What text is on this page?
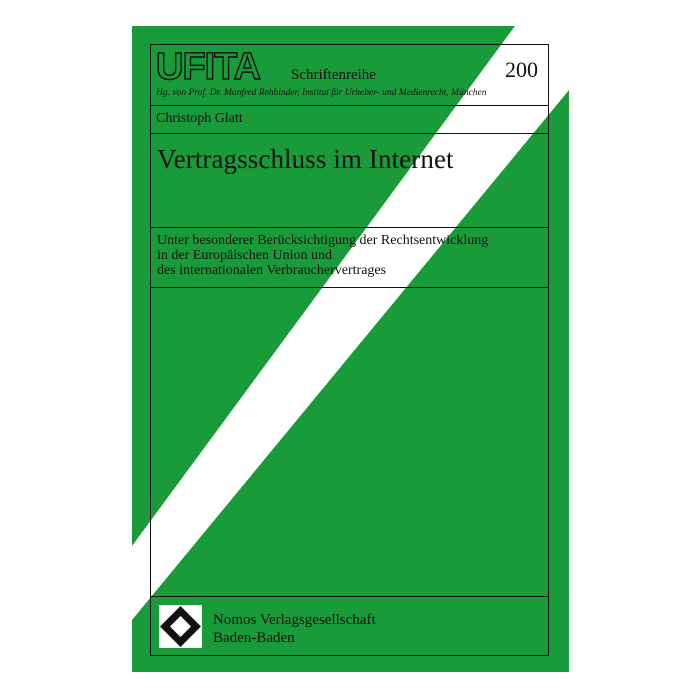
UFITA Schriftenreihe	200
Hg. von Prof. Dr. Manfred Rehbinder, Institut für Urheber- und Medienrecht, München
Christoph Glatt
Vertragsschluss im Internet
Unter besonderer Berücksichtigung der Rechtsentwicklung
in der Europäischen Union und
des internationalen Verbrauchervertrages
Nomos Verlagsgesellschaft
Baden-Baden
